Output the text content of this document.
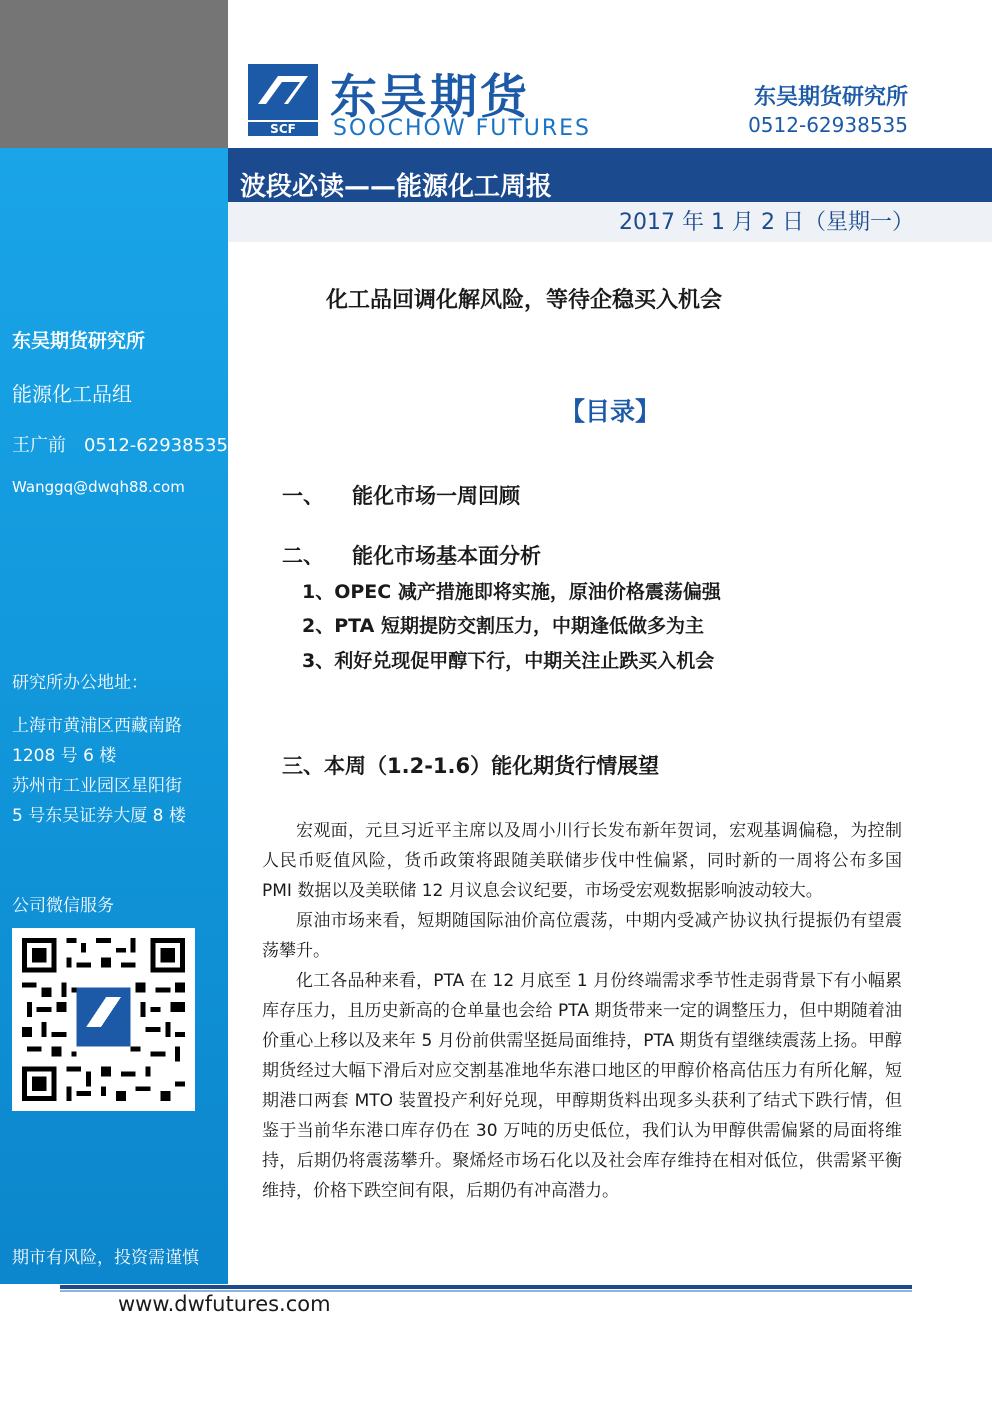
SCF
东吴期货
SOOCHOW FUTURES
东吴期货研究所
0512-62938535
波段必读——能源化工周报
2017 年 1 月 2 日（星期一）
东吴期货研究所
能源化工品组
王广前　0512-62938535
Wanggq@dwqh88.com
研究所办公地址：
上海市黄浦区西藏南路
1208 号 6 楼
苏州市工业园区星阳街
5 号东吴证券大厦 8 楼
公司微信服务
期市有风险，投资需谨慎
化工品回调化解风险，等待企稳买入机会
【目录】
一、 能化市场一周回顾
二、 能化市场基本面分析
1、OPEC 减产措施即将实施，原油价格震荡偏强
2、PTA 短期提防交割压力，中期逢低做多为主
3、利好兑现促甲醇下行，中期关注止跌买入机会
三、本周（1.2-1.6）能化期货行情展望

宏观面，元旦习近平主席以及周小川行长发布新年贺词，宏观基调偏稳，为控制人民币贬值风险，货币政策将跟随美联储步伐中性偏紧，同时新的一周将公布多国 PMI 数据以及美联储 12 月议息会议纪要，市场受宏观数据影响波动较大。

原油市场来看，短期随国际油价高位震荡，中期内受减产协议执行提振仍有望震荡攀升。

化工各品种来看，PTA 在 12 月底至 1 月份终端需求季节性走弱背景下有小幅累库存压力，且历史新高的仓单量也会给 PTA 期货带来一定的调整压力，但中期随着油价重心上移以及来年 5 月份前供需坚挺局面维持，PTA 期货有望继续震荡上扬。甲醇期货经过大幅下滑后对应交割基准地华东港口地区的甲醇价格高估压力有所化解，短期港口两套 MTO 装置投产利好兑现，甲醇期货料出现多头获利了结式下跌行情，但鉴于当前华东港口库存仍在 30 万吨的历史低位，我们认为甲醇供需偏紧的局面将维持，后期仍将震荡攀升。聚烯烃市场石化以及社会库存维持在相对低位，供需紧平衡维持，价格下跌空间有限，后期仍有冲高潜力。

www.dwfutures.com
